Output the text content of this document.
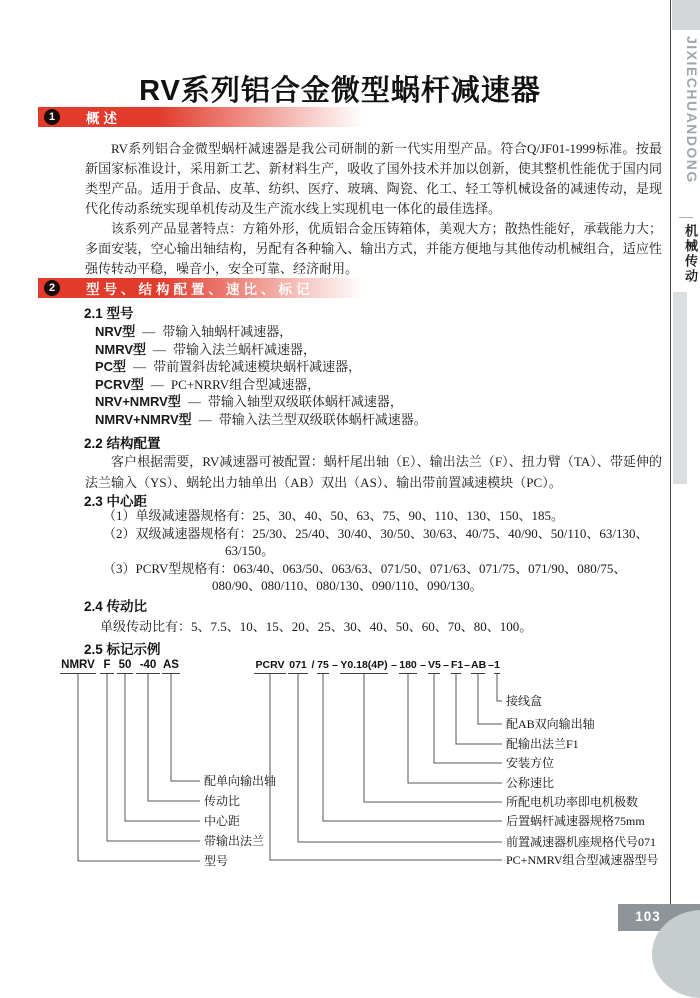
RV系列铝合金微型蜗杆减速器
1	概述

RV系列铝合金微型蜗杆减速器是我公司研制的新一代实用型产品。符合Q/JF01-1999标准。按最新国家标准设计，采用新工艺、新材料生产，吸收了国外技术并加以创新，使其整机性能优于国内同类型产品。适用于食品、皮革、纺织、医疗、玻璃、陶瓷、化工、轻工等机械设备的减速传动，是现代化传动系统实现单机传动及生产流水线上实现机电一体化的最佳选择。

该系列产品显著特点：方箱外形，优质铝合金压铸箱体，美观大方；散热性能好，承载能力大；多面安装，空心输出轴结构，另配有各种输入、输出方式，并能方便地与其他传动机械组合，适应性强传转动平稳，噪音小，安全可靠、经济耐用。

2	型号、结构配置、速比、标记
2.1 型号
NRV型 — 带输入轴蜗杆减速器，
NMRV型 — 带输入法兰蜗杆减速器，
PC型 — 带前置斜齿轮减速模块蜗杆减速器，
PCRV型 — PC+NRRV组合型减速器，
NRV+NMRV型 — 带输入轴型双级联体蜗杆减速器，
NMRV+NMRV型 — 带输入法兰型双级联体蜗杆减速器。
2.2 结构配置

客户根据需要，RV减速器可被配置：蜗杆尾出轴（E）、输出法兰（F）、扭力臂（TA）、带延伸的法兰输入（YS）、蜗轮出力轴单出（AB）双出（AS）、输出带前置减速模块（PC）。

2.3 中心距
（1）单级减速器规格有：25、30、40、50、63、75、90、110、130、150、185。
（2）双级减速器规格有：25/30、25/40、30/40、30/50、30/63、40/75、40/90、50/110、63/130、
63/150。
（3）PCRV型规格有：063/40、063/50、063/63、071/50、071/63、071/75、071/90、080/75、
080/90、080/110、080/130、090/110、090/130。
2.4 传动比
单级传动比有：5、7.5、10、15、20、25、30、40、50、60、70、80、100。
2.5 标记示例
NMRV F 50 -40 AS	PCRV 071 / 75 – Y0.18(4P) – 180 – V5 – F1 – AB – 1
配单向输出轴
传动比
中心距
带输出法兰
型号
接线盒
配AB双向输出轴
配输出法兰F1
安装方位
公称速比
所配电机功率即电机极数
后置蜗杆减速器规格75mm
前置减速器机座规格代号071
PC+NMRV组合型减速器型号
JIXIECHUANDONG
机械传动
103
